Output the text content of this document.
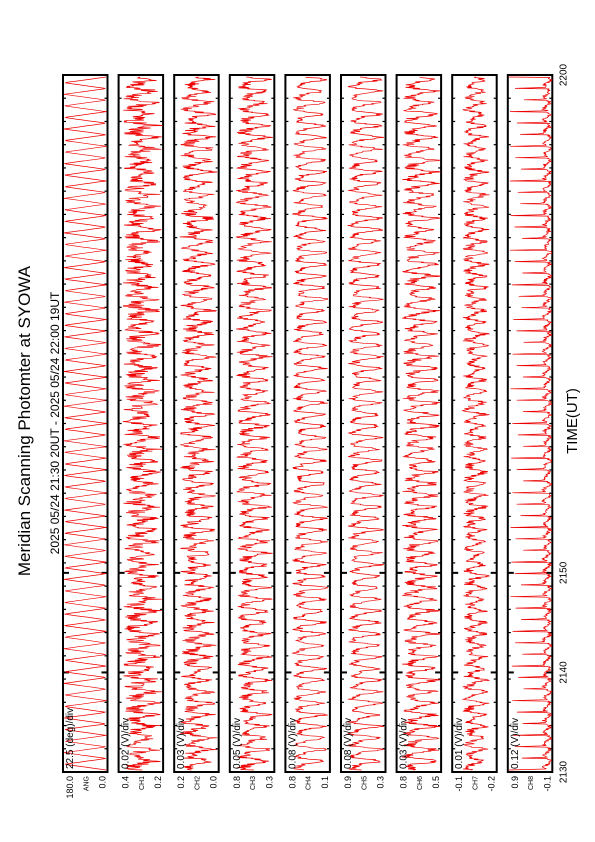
Meridian Scanning Photomter at SYOWA 2025 05/24 21:30 20UT - 2025 05/24 22:00 19UT	TIME(UT)
22.5 (deg)/div
ANG
180.0	0.0
0.02 (V)/div
CH1
0.4	0.2
0.03 (V)/div
CH2
0.2	0.0
0.05 (V)/div
CH3
0.8 0.3
0.08 (V)/div
CH4
0.8	0.1
0.08 (V)/div
CH5
0.9	0.3
0.03 (V)/div
CH6
0.8	0.5
0.01 (V)/div
CH7
-0.1	-0.2
0.12 (V)/div
CH8
0.9	-0.1
2130
2140
2150
2200
